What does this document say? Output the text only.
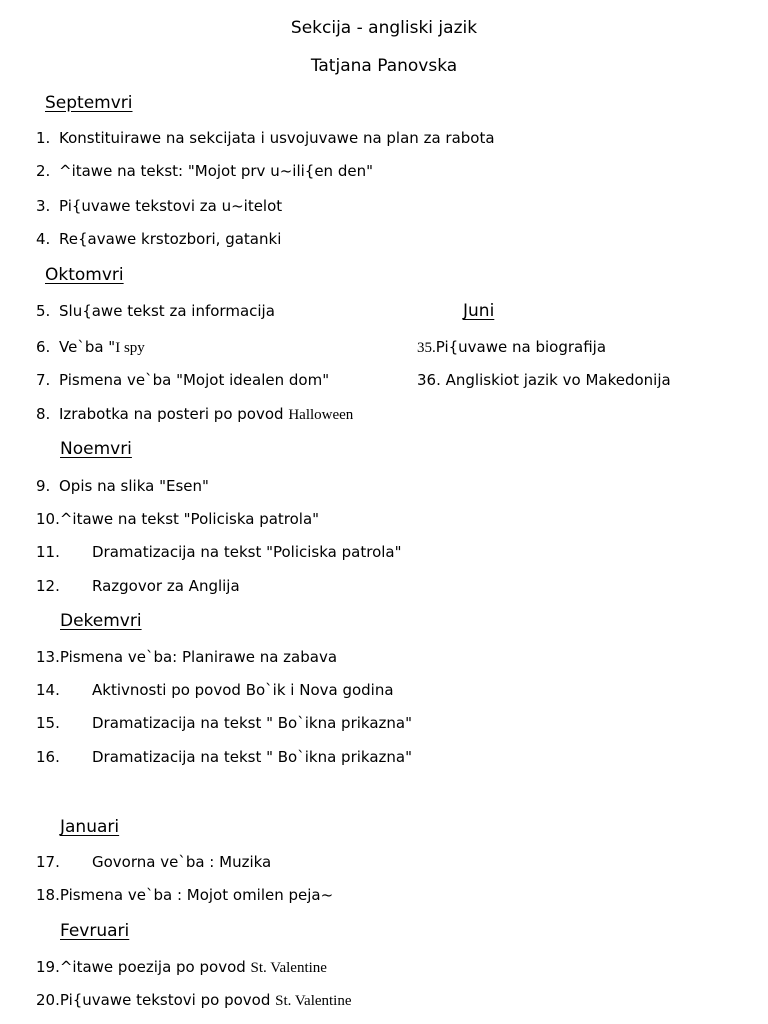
Sekcija - angliski jazik
Tatjana Panovska
Septemvri
1. Konstituirawe na sekcijata i usvojuvawe na plan za rabota
2. ^itawe na tekst: "Mojot prv u~ili{en den"
3. Pi{uvawe tekstovi za u~itelot
4. Re{avawe krstozbori, gatanki
Oktomvri
5. Slu{awe tekst za informacija
6. Ve`ba "I spy
7. Pismena ve`ba "Mojot idealen dom"
8. Izrabotka na posteri po povod Halloween
Juni
35.Pi{uvawe na biografija
36. Angliskiot jazik vo Makedonija
Noemvri
9. Opis na slika "Esen"
10.^itawe na tekst "Policiska patrola"
11. Dramatizacija na tekst "Policiska patrola"
12. Razgovor za Anglija
Dekemvri
13.Pismena ve`ba: Planirawe na zabava
14. Aktivnosti po povod Bo`ik i Nova godina
15. Dramatizacija na tekst " Bo`ikna prikazna"
16. Dramatizacija na tekst " Bo`ikna prikazna"
Januari
17. Govorna ve`ba : Muzika
18.Pismena ve`ba : Mojot omilen peja~
Fevruari
19.^itawe poezija po povod St. Valentine
20.Pi{uvawe tekstovi po povod St. Valentine
